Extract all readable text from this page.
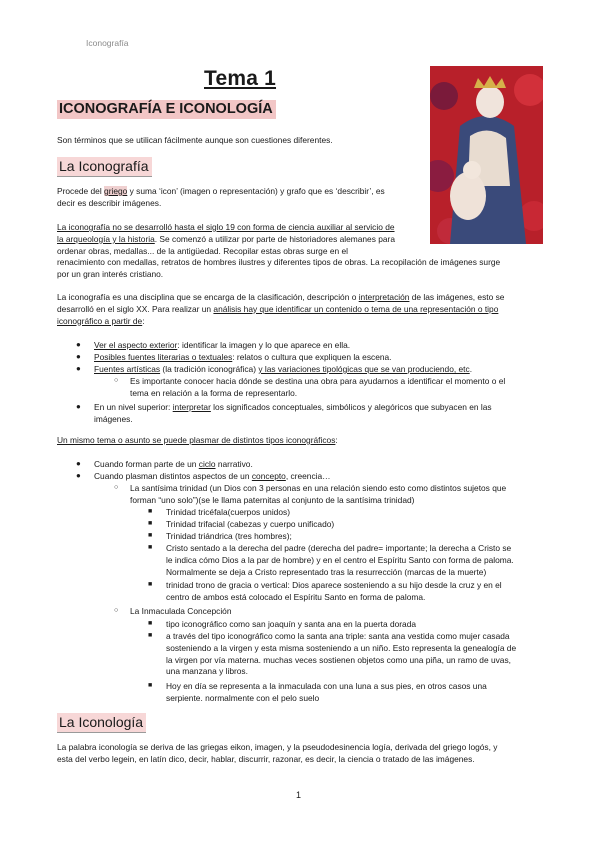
Iconografía
Tema 1
ICONOGRAFÍA E ICONOLOGÍA
Son términos que se utilican fácilmente aunque son cuestiones diferentes.
La Iconografía
Procede del griego y suma ‘icon’ (imagen o representación) y grafo que es ‘describir’, es
decir es describir imágenes.
La iconografía no se desarrolló hasta el siglo 19 con forma de ciencia auxiliar al servicio de
la arqueología y la historia. Se comenzó a utilizar por parte de historiadores alemanes para
ordenar obras, medallas... de la antigüedad. Recopilar estas obras surge en el
renacimiento con medallas, retratos de hombres ilustres y diferentes tipos de obras. La recopilación de imágenes surge
por un gran interés cristiano.
La iconografía es una disciplina que se encarga de la clasificación, descripción o interpretación de las imágenes, esto se
desarrolló en el siglo XX. Para realizar un análisis hay que identificar un contenido o tema de una representación o tipo
iconográfico a partir de:
● Ver el aspecto exterior: identificar la imagen y lo que aparece en ella.
● Posibles fuentes literarias o textuales: relatos o cultura que expliquen la escena.
● Fuentes artísticas (la tradición iconográfica) y las variaciones tipológicas que se van produciendo, etc.
○ Es importante conocer hacia dónde se destina una obra para ayudarnos a identificar el momento o el
tema en relación a la forma de representarlo.
● En un nivel superior: interpretar los significados conceptuales, simbólicos y alegóricos que subyacen en las
imágenes.
Un mismo tema o asunto se puede plasmar de distintos tipos iconográficos:
● Cuando forman parte de un ciclo narrativo.
● Cuando plasman distintos aspectos de un concepto, creencia…
○ La santísima trinidad (un Dios con 3 personas en una relación siendo esto como distintos sujetos que
forman “uno solo”)(se le llama paternitas al conjunto de la santísima trinidad)
■ Trinidad tricéfala(cuerpos unidos)
■ Trinidad trifacial (cabezas y cuerpo unificado)
■ Trinidad triándrica (tres hombres);
■ Cristo sentado a la derecha del padre (derecha del padre= importante; la derecha a Cristo se
le indica cómo Dios a la par de hombre) y en el centro el Espíritu Santo con forma de paloma.
Normalmente se deja a Cristo representado tras la resurrección (marcas de la muerte)
■ trinidad trono de gracia o vertical: Dios aparece sosteniendo a su hijo desde la cruz y en el
centro de ambos está colocado el Espíritu Santo en forma de paloma.
○ La Inmaculada Concepción
■ tipo iconográfico como san joaquín y santa ana en la puerta dorada
■ a través del tipo iconográfico como la santa ana triple: santa ana vestida como mujer casada
sosteniendo a la virgen y esta misma sosteniendo a un niño. Esto representa la genealogía de
la virgen por vía materna. muchas veces sostienen objetos como una piña, un ramo de uvas,
una manzana y libros.
■ Hoy en día se representa a la inmaculada con una luna a sus pies, en otros casos una
serpiente. normalmente con el pelo suelo
La Iconología
La palabra iconología se deriva de las griegas eikon, imagen, y la pseudodesinencia logía, derivada del griego logós, y
esta del verbo legein, en latín dico, decir, hablar, discurrir, razonar, es decir, la ciencia o tratado de las imágenes.
1
